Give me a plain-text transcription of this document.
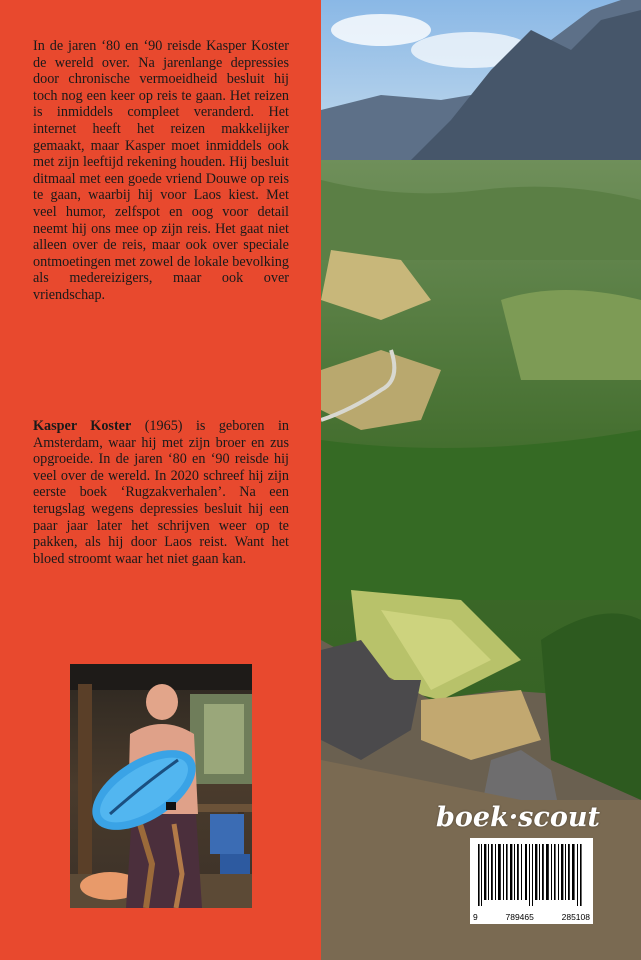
In de jaren ‘80 en ‘90 reisde Kasper Koster de wereld over. Na jarenlange depressies door chronische vermoeidheid besluit hij toch nog een keer op reis te gaan. Het reizen is inmiddels compleet veranderd. Het internet heeft het reizen makkelijker gemaakt, maar Kasper moet inmiddels ook met zijn leeftijd rekening houden. Hij besluit ditmaal met een goede vriend Douwe op reis te gaan, waarbij hij voor Laos kiest. Met veel humor, zelfspot en oog voor detail neemt hij ons mee op zijn reis. Het gaat niet alleen over de reis, maar ook over speciale ontmoetingen met zowel de lokale bevolking als medereizigers, maar ook over vriendschap.

Kasper Koster (1965) is geboren in Amsterdam, waar hij met zijn broer en zus opgroeide. In de jaren ‘80 en ‘90 reisde hij veel over de wereld. In 2020 schreef hij zijn eerste boek ‘Rugzakverhalen’. Na een terugslag wegens depressies besluit hij een paar jaar later het schrijven weer op te pakken, als hij door Laos reist. Want het bloed stroomt waar het niet gaan kan.

boek·scout
9	789465	285108
